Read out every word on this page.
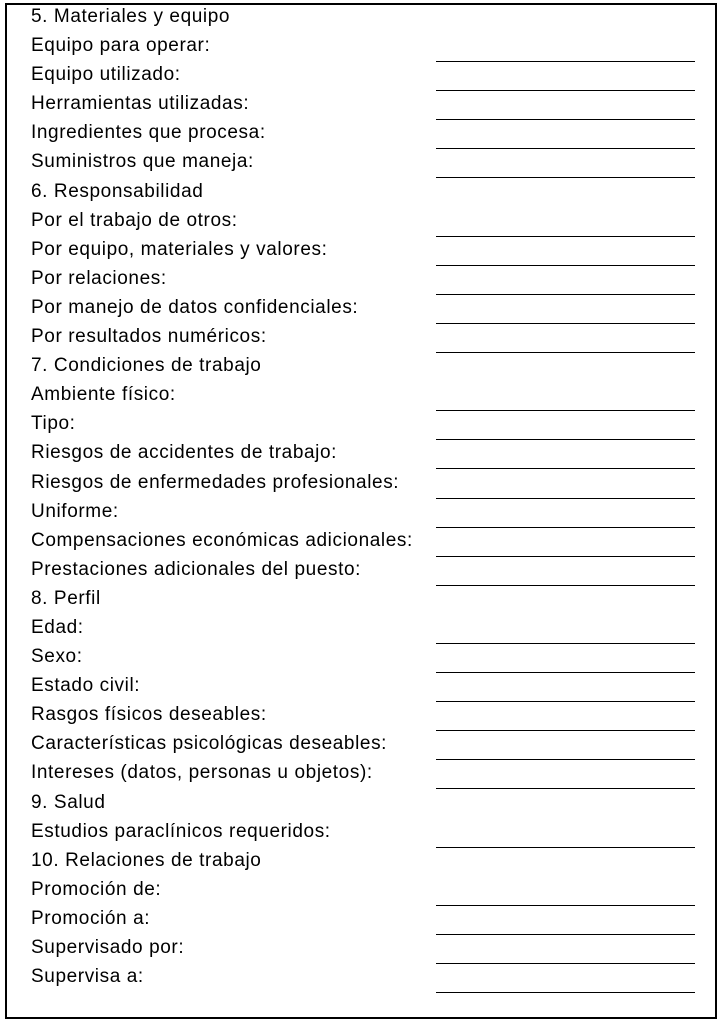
5. Materiales y equipo
Equipo para operar:
Equipo utilizado:
Herramientas utilizadas:
Ingredientes que procesa:
Suministros que maneja:
6. Responsabilidad
Por el trabajo de otros:
Por equipo, materiales y valores:
Por relaciones:
Por manejo de datos confidenciales:
Por resultados numéricos:
7. Condiciones de trabajo
Ambiente físico:
Tipo:
Riesgos de accidentes de trabajo:
Riesgos de enfermedades profesionales:
Uniforme:
Compensaciones económicas adicionales:
Prestaciones adicionales del puesto:
8. Perfil
Edad:
Sexo:
Estado civil:
Rasgos físicos deseables:
Características psicológicas deseables:
Intereses (datos, personas u objetos):
9. Salud
Estudios paraclínicos requeridos:
10. Relaciones de trabajo
Promoción de:
Promoción a:
Supervisado por:
Supervisa a:
